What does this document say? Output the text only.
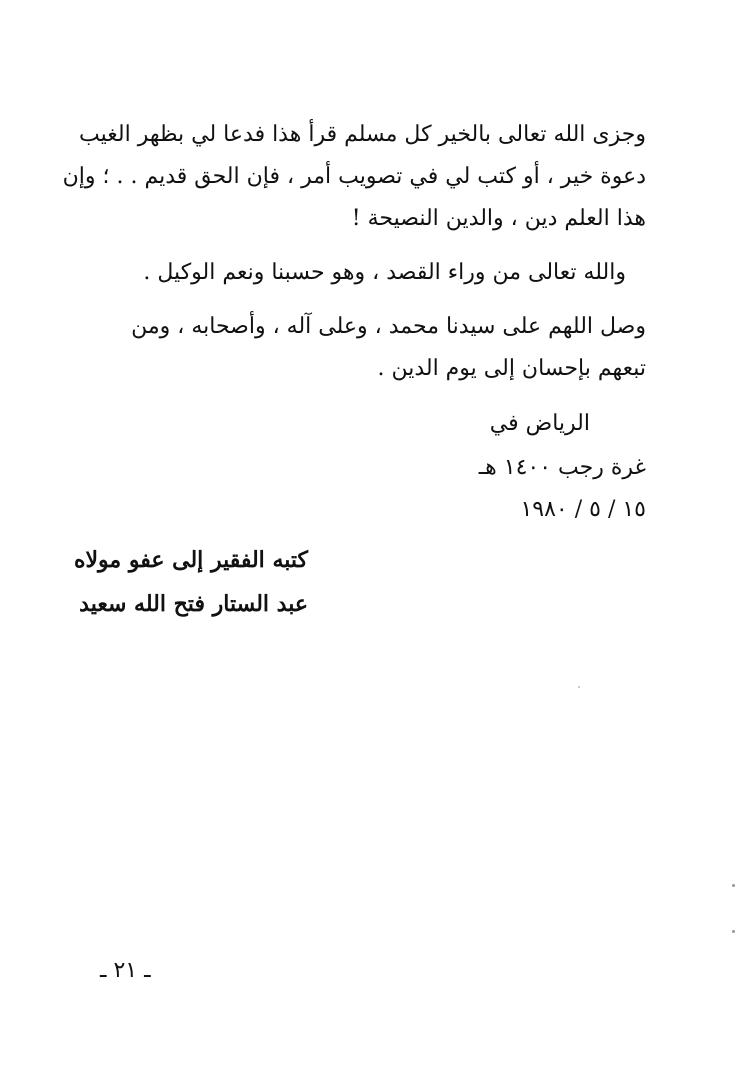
وجزى الله تعالى بالخير كل مسلم قرأ هذا فدعا لي بظهر الغيب
دعوة خير ، أو كتب لي في تصويب أمر ، فإن الحق قديم . . ؛ وإن
هذا العلم دين ، والدين النصيحة !
والله تعالى من وراء القصد ، وهو حسبنا ونعم الوكيل .
وصل اللهم على سيدنا محمد ، وعلى آله ، وأصحابه ، ومن
تبعهم بإحسان إلى يوم الدين .
الرياض في
غرة رجب ١٤٠٠ هـ
١٥ / ٥ / ١٩٨٠
كتبه الفقير إلى عفو مولاه
عبد الستار فتح الله سعيد
ـ ٢١ ـ
